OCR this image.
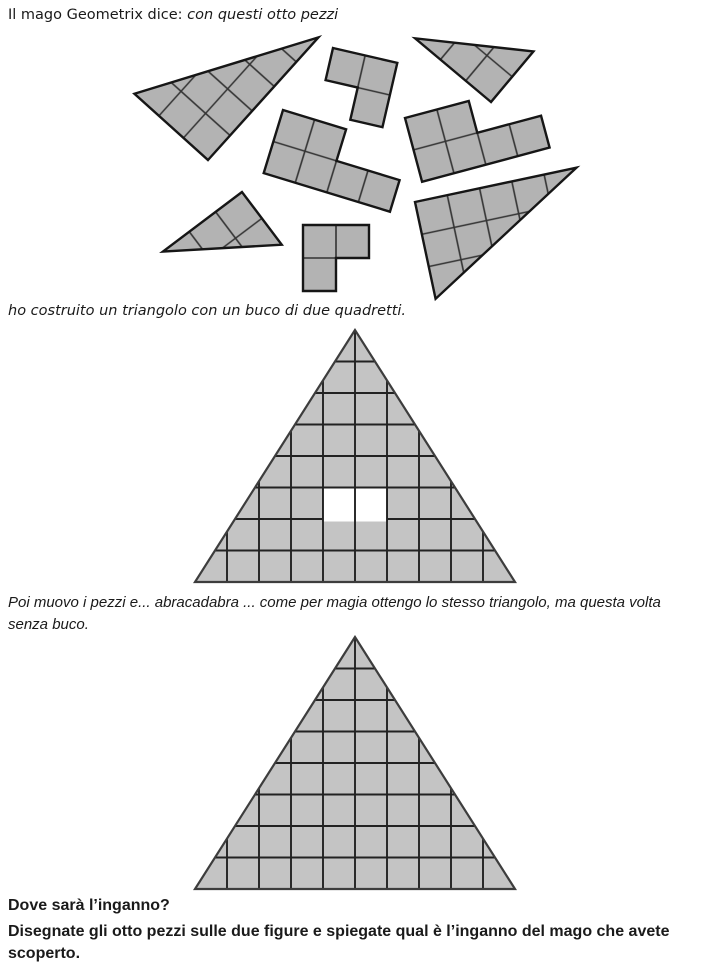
Il mago Geometrix dice: con questi otto pezzi
ho costruito un triangolo con un buco di due quadretti.
Poi muovo i pezzi e... abracadabra ... come per magia ottengo lo stesso triangolo, ma questa volta senza buco.
Dove sarà l’inganno?
Disegnate gli otto pezzi sulle due figure e spiegate qual è l’inganno del mago che avete scoperto.
